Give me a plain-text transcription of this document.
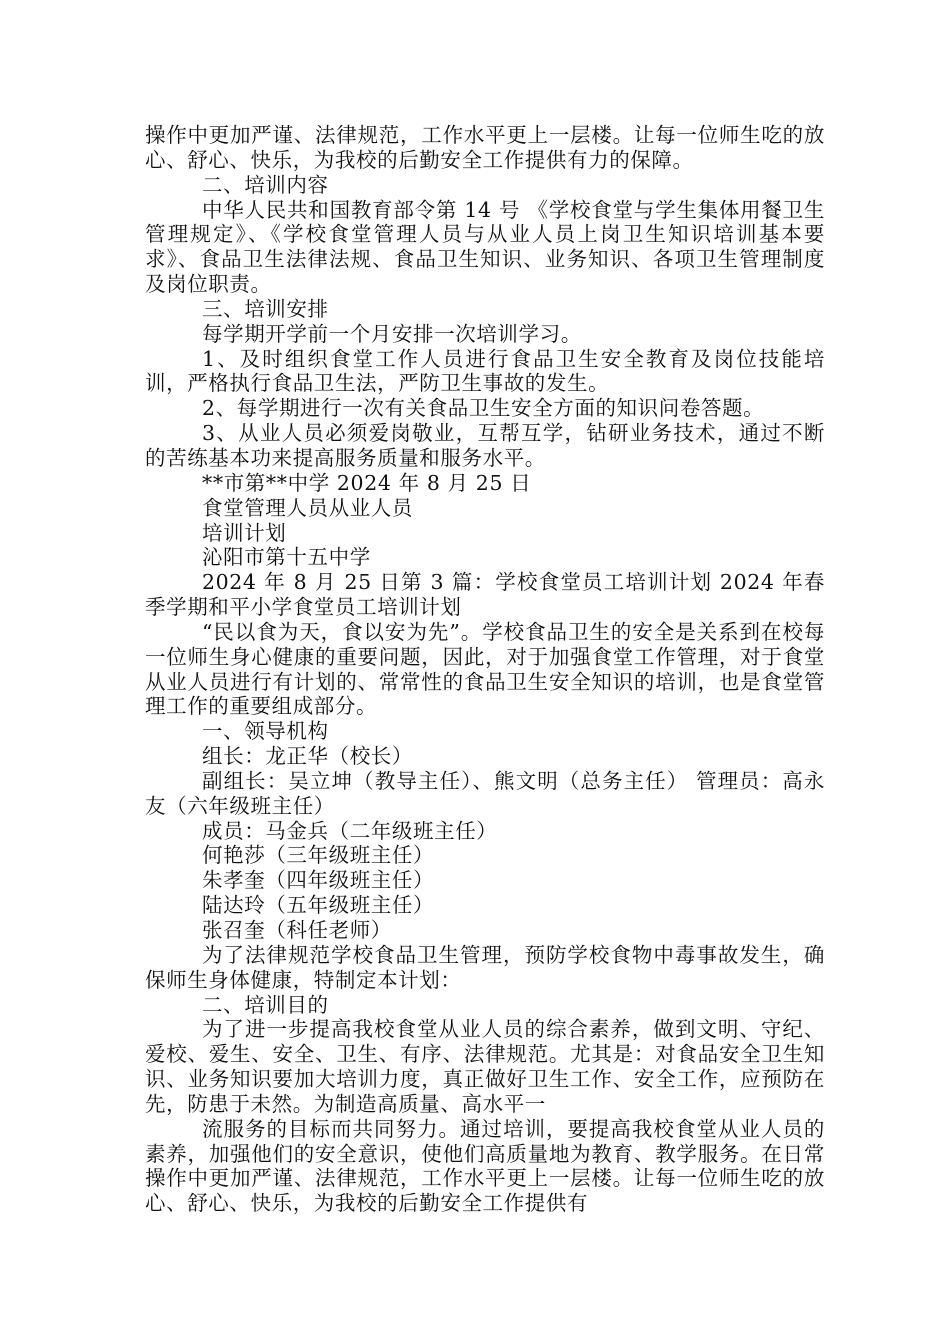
操作中更加严谨、法律规范，工作水平更上一层楼。让每一位师生吃的放心、舒心、快乐，为我校的后勤安全工作提供有力的保障。

二、培训内容

中华人民共和国教育部令第 14 号 《学校食堂与学生集体用餐卫生管理规定》、《学校食堂管理人员与从业人员上岗卫生知识培训基本要求》、食品卫生法律法规、食品卫生知识、业务知识、各项卫生管理制度及岗位职责。

三、培训安排

每学期开学前一个月安排一次培训学习。

1、及时组织食堂工作人员进行食品卫生安全教育及岗位技能培训，严格执行食品卫生法，严防卫生事故的发生。

2、每学期进行一次有关食品卫生安全方面的知识问卷答题。

3、从业人员必须爱岗敬业，互帮互学，钻研业务技术，通过不断的苦练基本功来提高服务质量和服务水平。

**市第**中学 2024 年 8 月 25 日

食堂管理人员从业人员

培训计划

沁阳市第十五中学

2024 年 8 月 25 日第 3 篇：学校食堂员工培训计划 2024 年春季学期和平小学食堂员工培训计划

“民以食为天，食以安为先”。学校食品卫生的安全是关系到在校每一位师生身心健康的重要问题，因此，对于加强食堂工作管理，对于食堂从业人员进行有计划的、常常性的食品卫生安全知识的培训，也是食堂管理工作的重要组成部分。

一、领导机构

组长：龙正华（校长）

副组长：吴立坤（教导主任）、熊文明（总务主任） 管理员：高永友（六年级班主任）

成员：马金兵（二年级班主任）

何艳莎（三年级班主任）

朱孝奎（四年级班主任）

陆达玲（五年级班主任）

张召奎（科任老师）

为了法律规范学校食品卫生管理，预防学校食物中毒事故发生，确保师生身体健康，特制定本计划：

二、培训目的

为了进一步提高我校食堂从业人员的综合素养，做到文明、守纪、爱校、爱生、安全、卫生、有序、法律规范。尤其是：对食品安全卫生知识、业务知识要加大培训力度，真正做好卫生工作、安全工作，应预防在先，防患于未然。为制造高质量、高水平一

流服务的目标而共同努力。通过培训，要提高我校食堂从业人员的素养，加强他们的安全意识，使他们高质量地为教育、教学服务。在日常操作中更加严谨、法律规范，工作水平更上一层楼。让每一位师生吃的放心、舒心、快乐，为我校的后勤安全工作提供有
